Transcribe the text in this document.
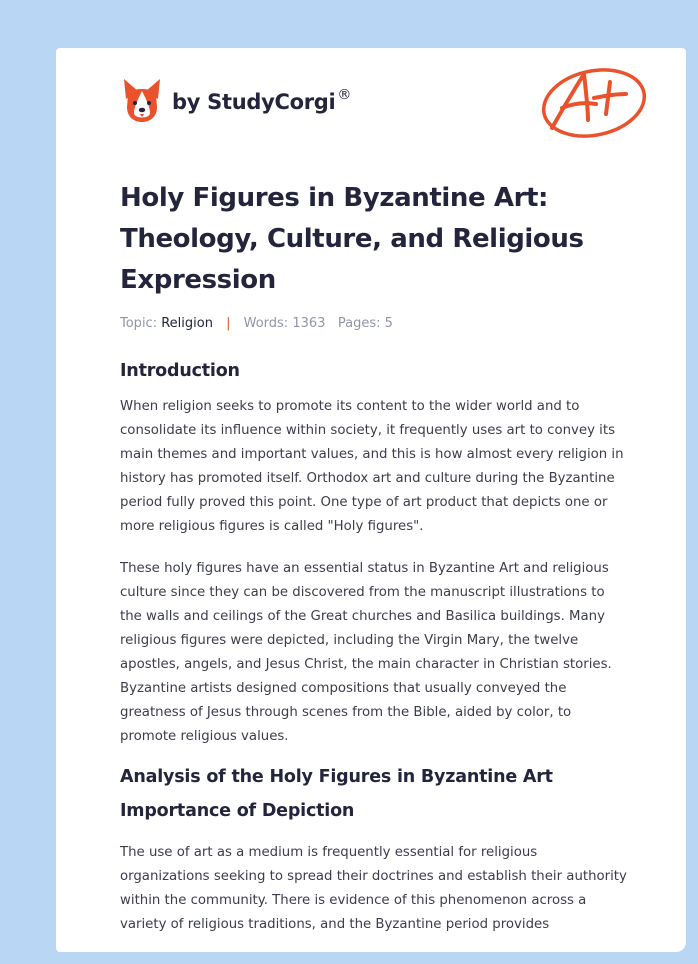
by StudyCorgi ®
Holy Figures in Byzantine Art: Theology, Culture, and Religious Expression
Topic: Religion | Words: 1363 Pages: 5
Introduction

When religion seeks to promote its content to the wider world and to consolidate its influence within society, it frequently uses art to convey its main themes and important values, and this is how almost every religion in history has promoted itself. Orthodox art and culture during the Byzantine period fully proved this point. One type of art product that depicts one or more religious figures is called "Holy figures".

These holy figures have an essential status in Byzantine Art and religious culture since they can be discovered from the manuscript illustrations to the walls and ceilings of the Great churches and Basilica buildings. Many religious figures were depicted, including the Virgin Mary, the twelve apostles, angels, and Jesus Christ, the main character in Christian stories. Byzantine artists designed compositions that usually conveyed the greatness of Jesus through scenes from the Bible, aided by color, to promote religious values.

Analysis of the Holy Figures in Byzantine Art
Importance of Depiction

The use of art as a medium is frequently essential for religious organizations seeking to spread their doctrines and establish their authority within the community. There is evidence of this phenomenon across a variety of religious traditions, and the Byzantine period provides
